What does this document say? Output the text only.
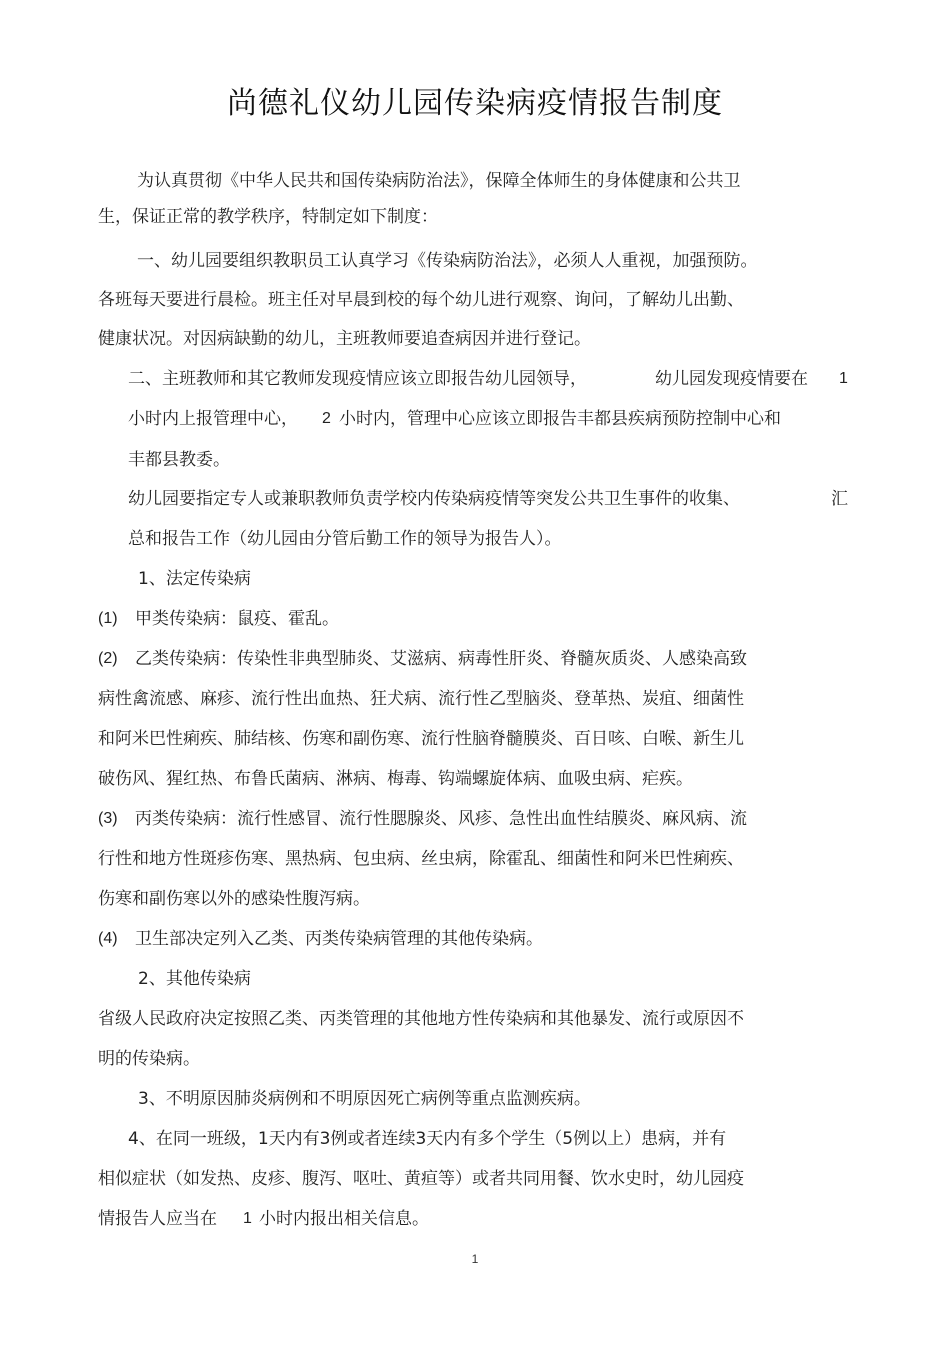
尚德礼仪幼儿园传染病疫情报告制度
为认真贯彻《中华人民共和国传染病防治法》，保障全体师生的身体健康和公共卫
生，保证正常的教学秩序，特制定如下制度：
一、幼儿园要组织教职员工认真学习《传染病防治法》，必须人人重视，加强预防。
各班每天要进行晨检。班主任对早晨到校的每个幼儿进行观察、询问，了解幼儿出勤、
健康状况。对因病缺勤的幼儿，主班教师要追查病因并进行登记。
二、主班教师和其它教师发现疫情应该立即报告幼儿园领导，	幼儿园发现疫情要在 1
小时内上报管理中心， 2 小时内，管理中心应该立即报告丰都县疾病预防控制中心和
丰都县教委。
幼儿园要指定专人或兼职教师负责学校内传染病疫情等突发公共卫生事件的收集、	汇
总和报告工作（幼儿园由分管后勤工作的领导为报告人）。
1、法定传染病
(1) 甲类传染病：鼠疫、霍乱。
(2) 乙类传染病：传染性非典型肺炎、艾滋病、病毒性肝炎、脊髓灰质炎、人感染高致
病性禽流感、麻疹、流行性出血热、狂犬病、流行性乙型脑炎、登革热、炭疽、细菌性
和阿米巴性痢疾、肺结核、伤寒和副伤寒、流行性脑脊髓膜炎、百日咳、白喉、新生儿
破伤风、猩红热、布鲁氏菌病、淋病、梅毒、钩端螺旋体病、血吸虫病、疟疾。
(3) 丙类传染病：流行性感冒、流行性腮腺炎、风疹、急性出血性结膜炎、麻风病、流
行性和地方性斑疹伤寒、黑热病、包虫病、丝虫病，除霍乱、细菌性和阿米巴性痢疾、
伤寒和副伤寒以外的感染性腹泻病。
(4) 卫生部决定列入乙类、丙类传染病管理的其他传染病。
2、其他传染病
省级人民政府决定按照乙类、丙类管理的其他地方性传染病和其他暴发、流行或原因不
明的传染病。
3、不明原因肺炎病例和不明原因死亡病例等重点监测疾病。
4、在同一班级，1天内有3例或者连续3天内有多个学生（5例以上）患病，并有
相似症状（如发热、皮疹、腹泻、呕吐、黄疸等）或者共同用餐、饮水史时，幼儿园疫
情报告人应当在 1 小时内报出相关信息。
1
